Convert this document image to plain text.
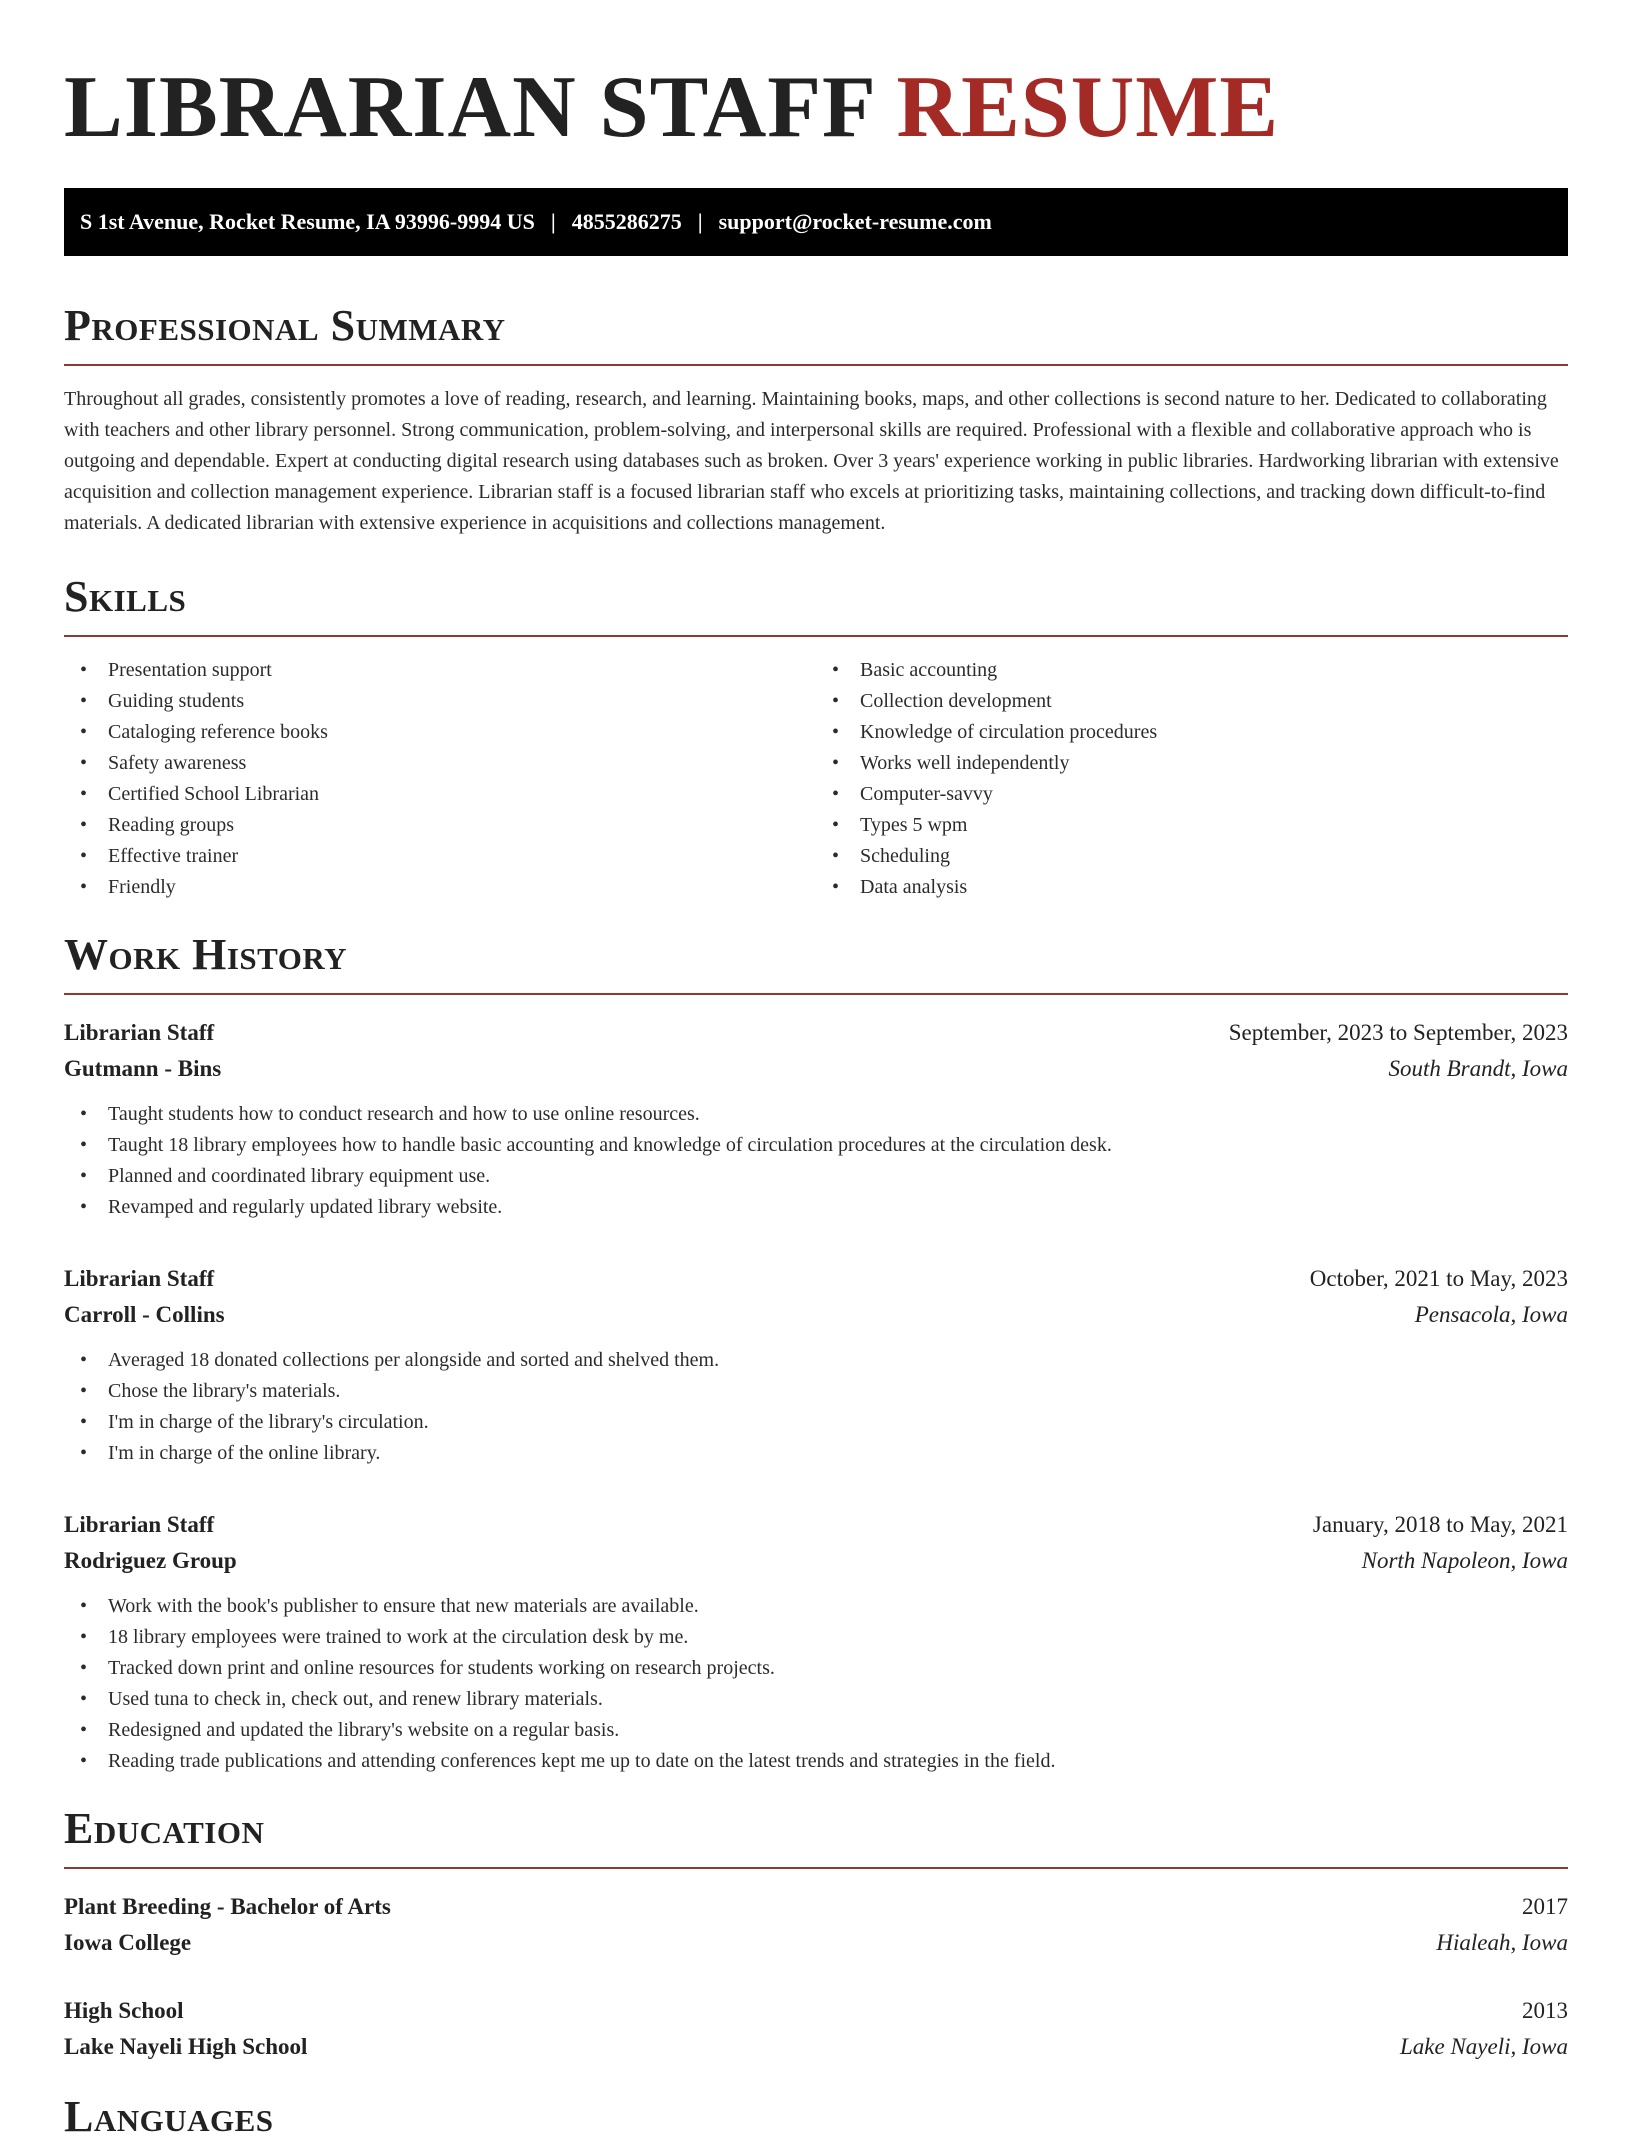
LIBRARIAN STAFF RESUME
S 1st Avenue, Rocket Resume, IA 93996-9994 US | 4855286275 | support@rocket-resume.com
Professional Summary

Throughout all grades, consistently promotes a love of reading, research, and learning. Maintaining books, maps, and other collections is second nature to her. Dedicated to collaborating with teachers and other library personnel. Strong communication, problem-solving, and interpersonal skills are required. Professional with a flexible and collaborative approach who is outgoing and dependable. Expert at conducting digital research using databases such as broken. Over 3 years' experience working in public libraries. Hardworking librarian with extensive acquisition and collection management experience. Librarian staff is a focused librarian staff who excels at prioritizing tasks, maintaining collections, and tracking down difficult-to-find materials. A dedicated librarian with extensive experience in acquisitions and collections management.

Skills
• Presentation support
• Guiding students
• Cataloging reference books
• Safety awareness
• Certified School Librarian
• Reading groups
• Effective trainer
• Friendly
• Basic accounting
• Collection development
• Knowledge of circulation procedures
• Works well independently
• Computer-savvy
• Types 5 wpm
• Scheduling
• Data analysis
Work History
Librarian Staff	September, 2023 to September, 2023
Gutmann - Bins	South Brandt, Iowa
• Taught students how to conduct research and how to use online resources.
• Taught 18 library employees how to handle basic accounting and knowledge of circulation procedures at the circulation desk.
• Planned and coordinated library equipment use.
• Revamped and regularly updated library website.
Librarian Staff	October, 2021 to May, 2023
Carroll - Collins	Pensacola, Iowa
• Averaged 18 donated collections per alongside and sorted and shelved them.
• Chose the library's materials.
• I'm in charge of the library's circulation.
• I'm in charge of the online library.
Librarian Staff	January, 2018 to May, 2021
Rodriguez Group	North Napoleon, Iowa
• Work with the book's publisher to ensure that new materials are available.
• 18 library employees were trained to work at the circulation desk by me.
• Tracked down print and online resources for students working on research projects.
• Used tuna to check in, check out, and renew library materials.
• Redesigned and updated the library's website on a regular basis.
• Reading trade publications and attending conferences kept me up to date on the latest trends and strategies in the field.
Education
Plant Breeding - Bachelor of Arts	2017
Iowa College	Hialeah, Iowa
High School	2013
Lake Nayeli High School	Lake Nayeli, Iowa
Languages
